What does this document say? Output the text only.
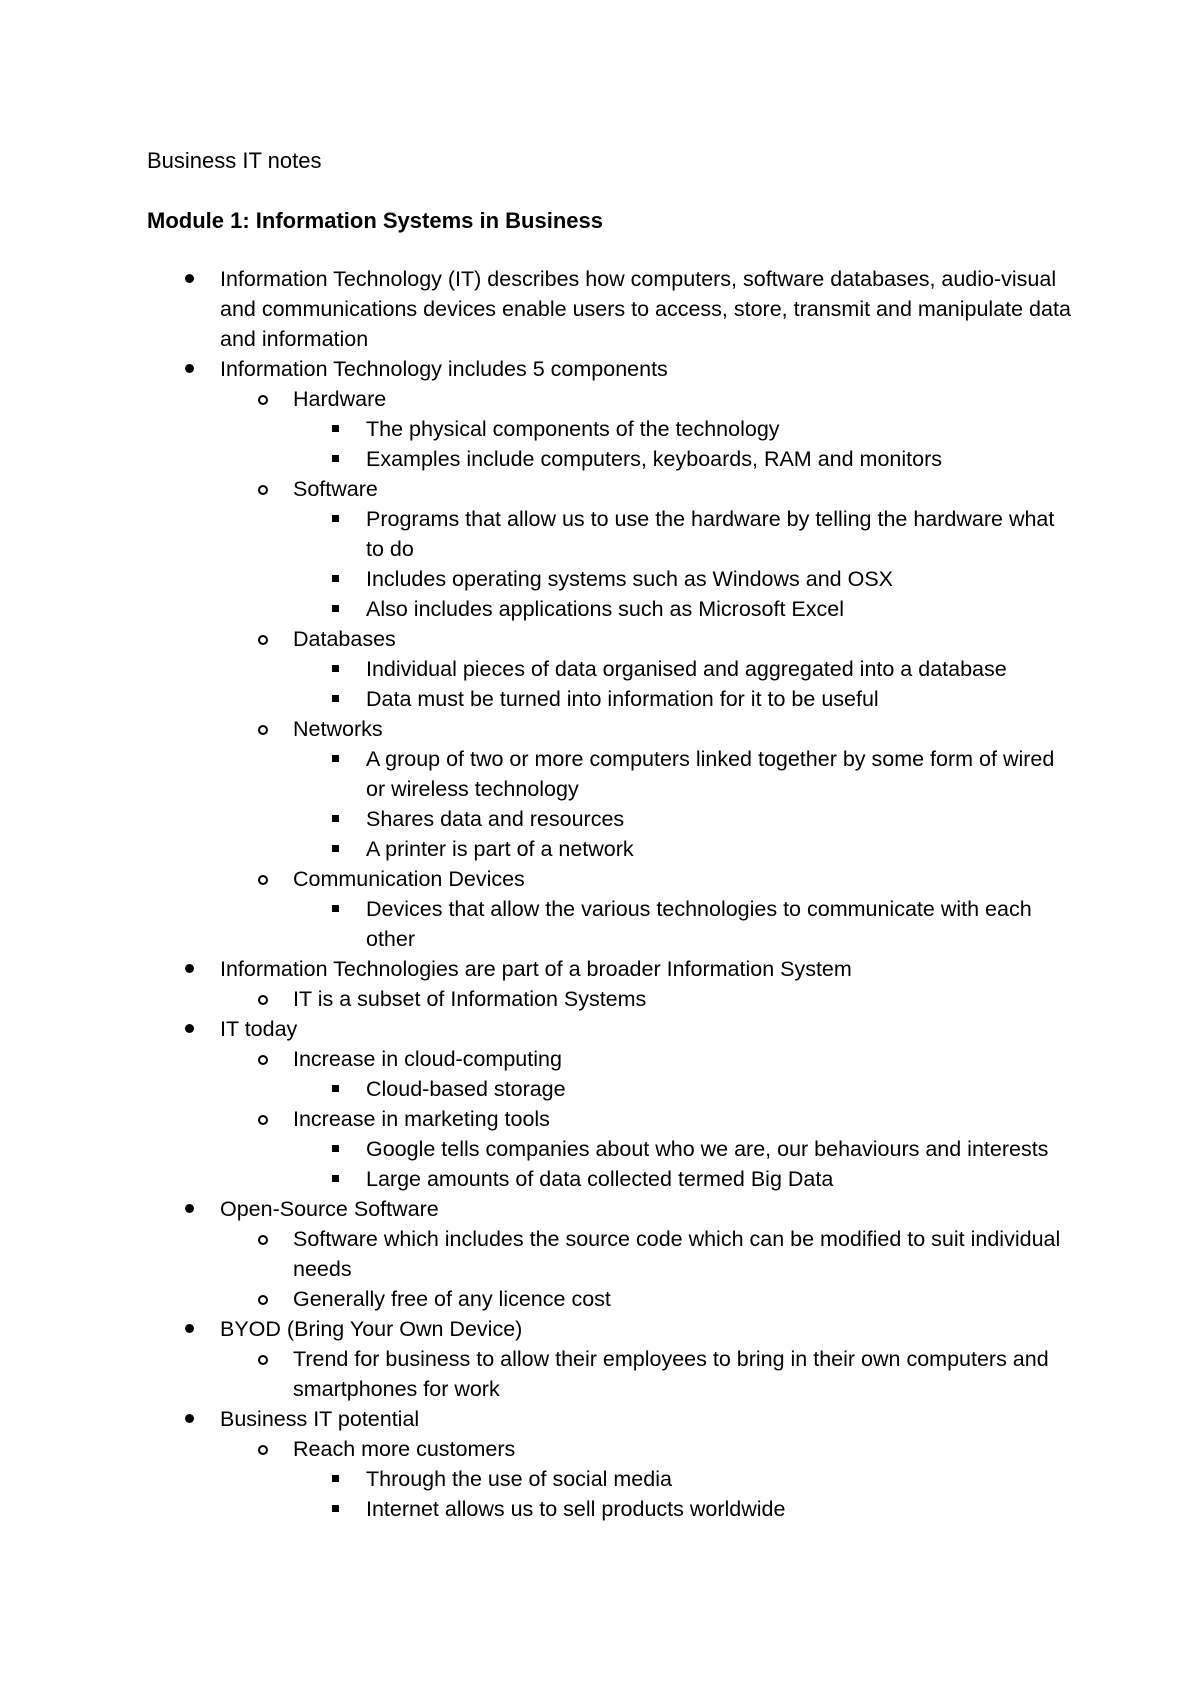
Business IT notes
Module 1: Information Systems in Business
Information Technology (IT) describes how computers, software databases, audio-visual and communications devices enable users to access, store, transmit and manipulate data and information
Information Technology includes 5 components
Hardware
The physical components of the technology
Examples include computers, keyboards, RAM and monitors
Software
Programs that allow us to use the hardware by telling the hardware what to do
Includes operating systems such as Windows and OSX
Also includes applications such as Microsoft Excel
Databases
Individual pieces of data organised and aggregated into a database
Data must be turned into information for it to be useful
Networks
A group of two or more computers linked together by some form of wired or wireless technology
Shares data and resources
A printer is part of a network
Communication Devices
Devices that allow the various technologies to communicate with each other
Information Technologies are part of a broader Information System
IT is a subset of Information Systems
IT today
Increase in cloud-computing
Cloud-based storage
Increase in marketing tools
Google tells companies about who we are, our behaviours and interests
Large amounts of data collected termed Big Data
Open-Source Software
Software which includes the source code which can be modified to suit individual needs
Generally free of any licence cost
BYOD (Bring Your Own Device)
Trend for business to allow their employees to bring in their own computers and smartphones for work
Business IT potential
Reach more customers
Through the use of social media
Internet allows us to sell products worldwide
